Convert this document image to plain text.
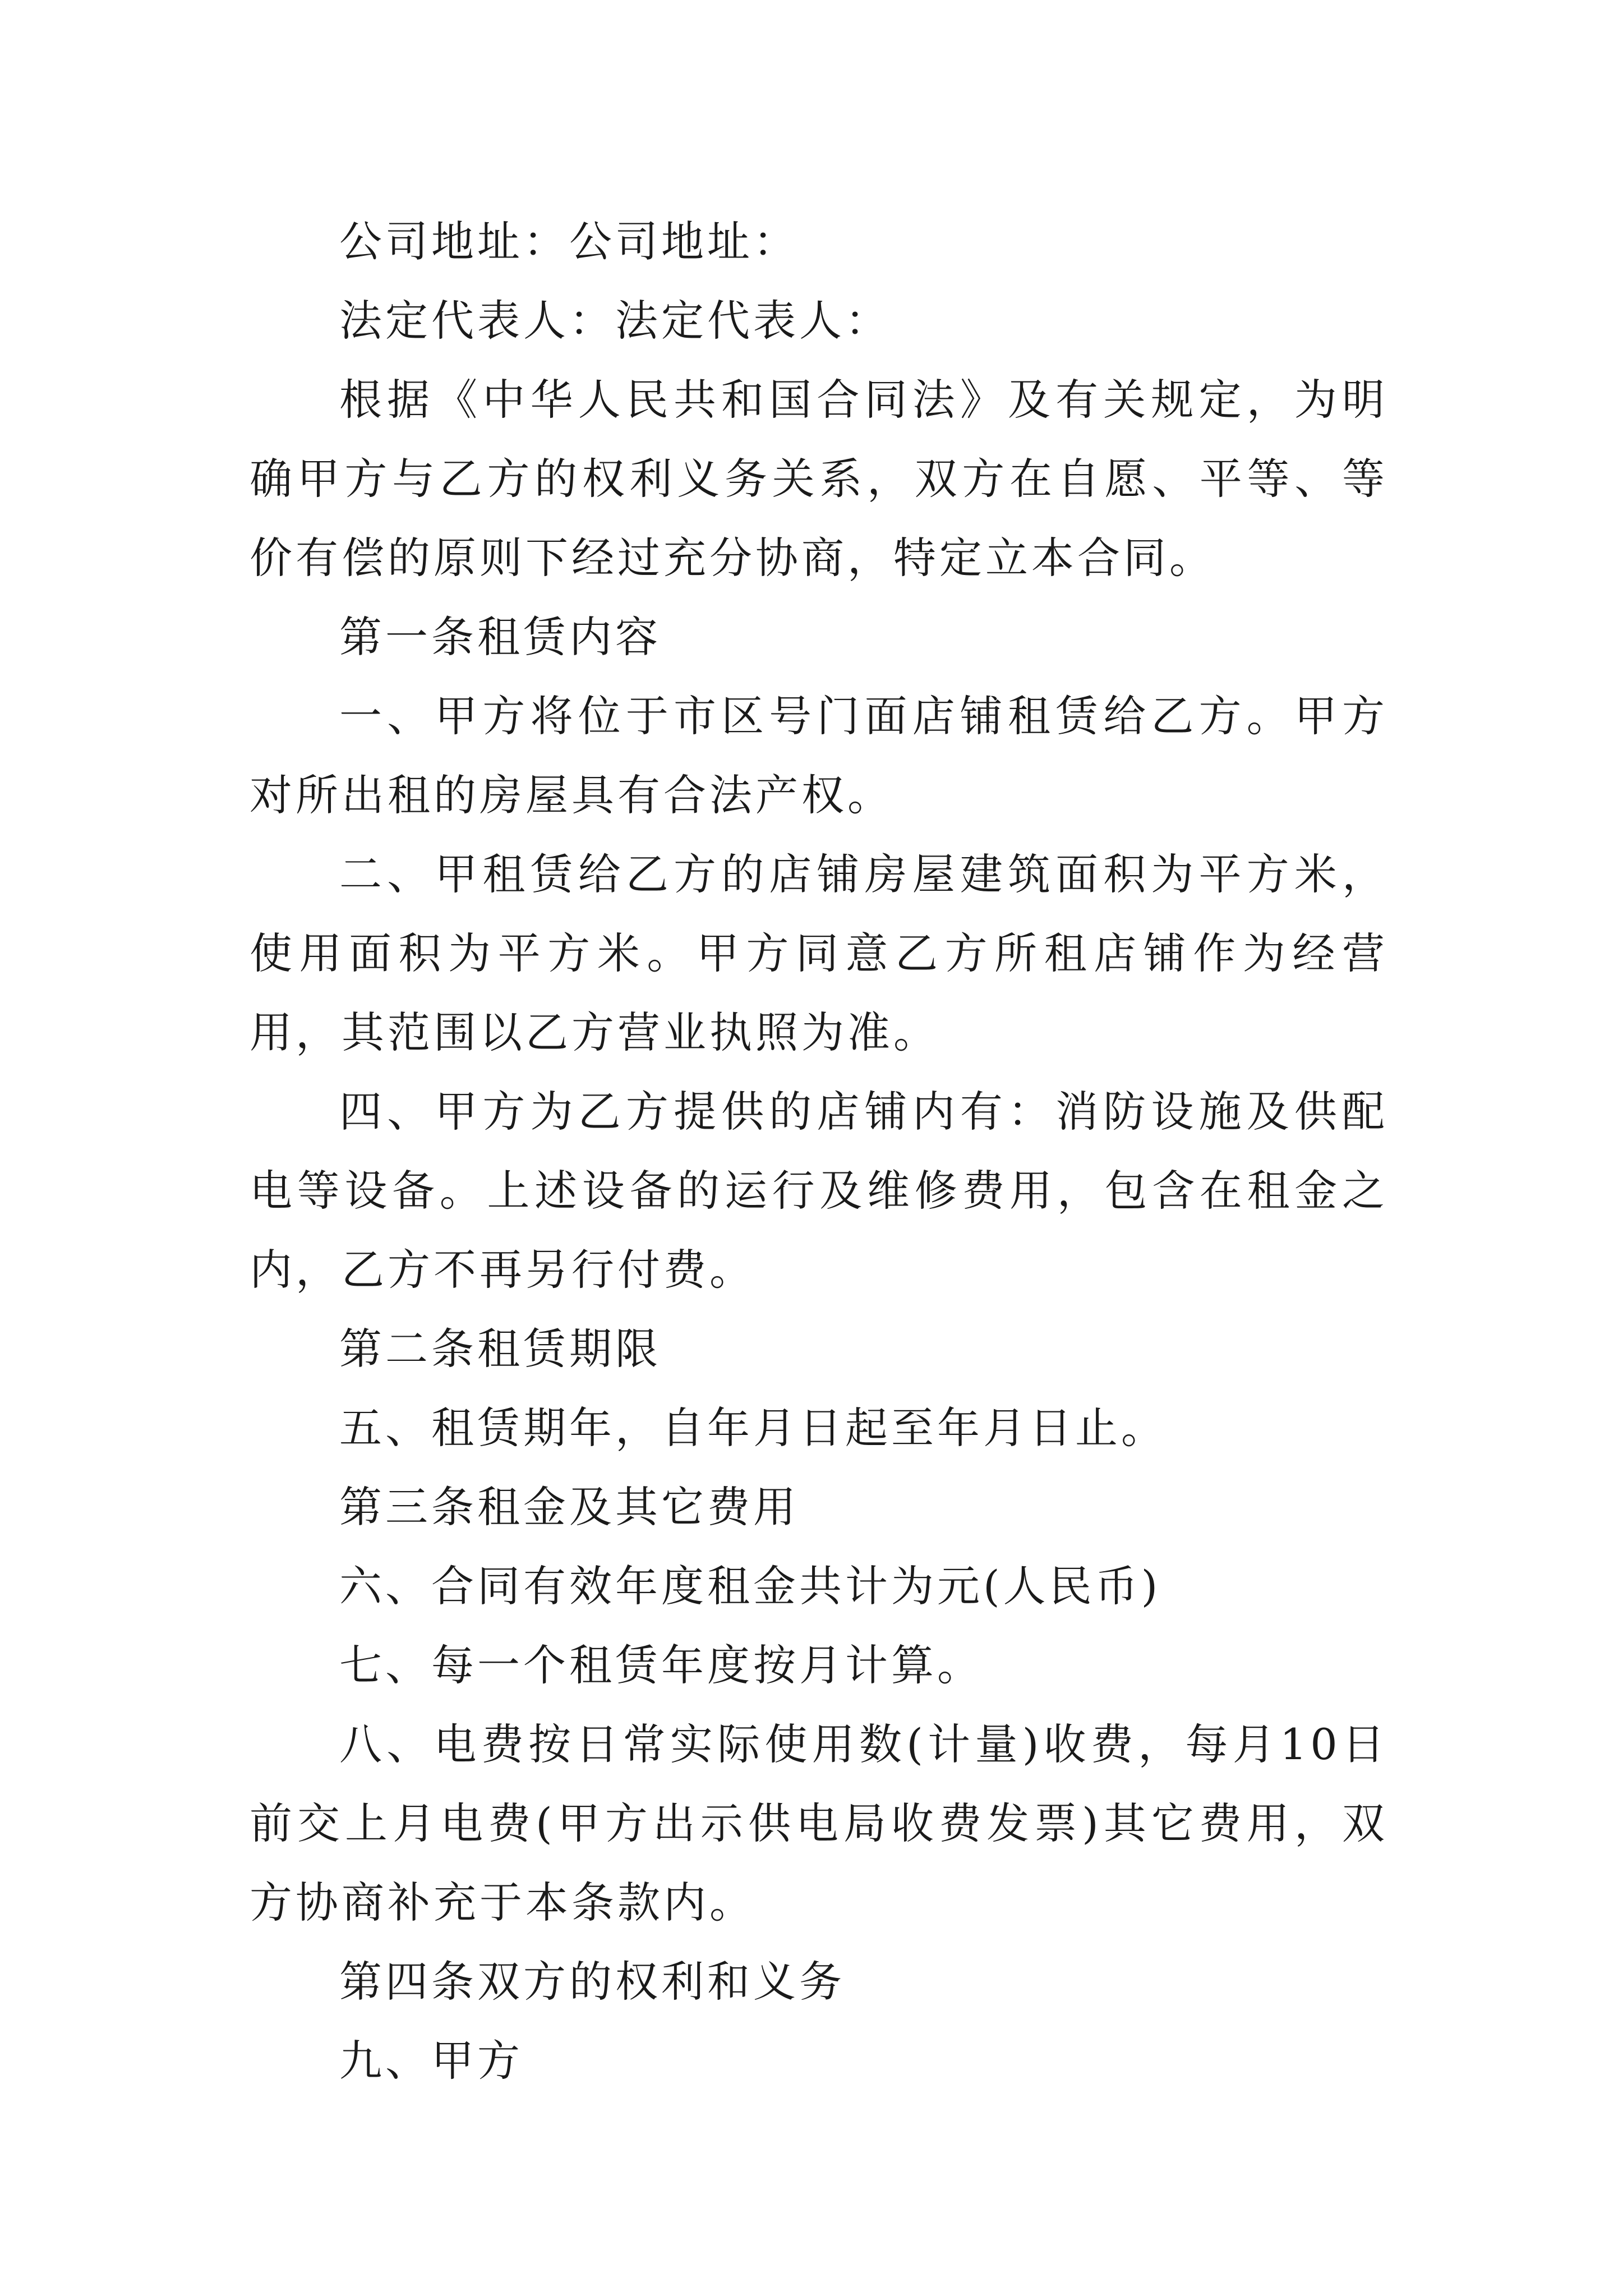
公司地址：公司地址：

法定代表人：法定代表人：

根据《中华人民共和国合同法》及有关规定，为明确甲方与乙方的权利义务关系，双方在自愿、平等、等价有偿的原则下经过充分协商，特定立本合同。

第一条租赁内容

一、甲方将位于市区号门面店铺租赁给乙方。甲方对所出租的房屋具有合法产权。

二、甲租赁给乙方的店铺房屋建筑面积为平方米，使用面积为平方米。甲方同意乙方所租店铺作为经营用，其范围以乙方营业执照为准。

四、甲方为乙方提供的店铺内有：消防设施及供配电等设备。上述设备的运行及维修费用，包含在租金之内，乙方不再另行付费。

第二条租赁期限

五、租赁期年，自年月日起至年月日止。

第三条租金及其它费用

六、合同有效年度租金共计为元(人民币)

七、每一个租赁年度按月计算。

八、电费按日常实际使用数(计量)收费，每月10日前交上月电费(甲方出示供电局收费发票)其它费用，双方协商补充于本条款内。

第四条双方的权利和义务

九、甲方
